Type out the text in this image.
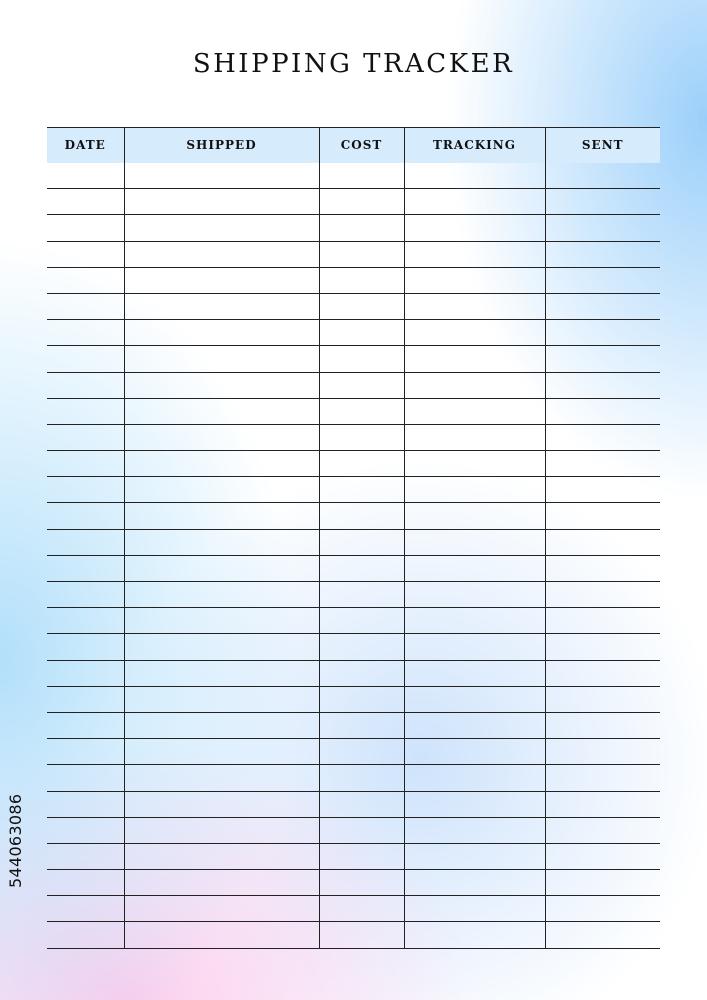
SHIPPING TRACKER
DATE	SHIPPED	COST	TRACKING	SENT

544063086
